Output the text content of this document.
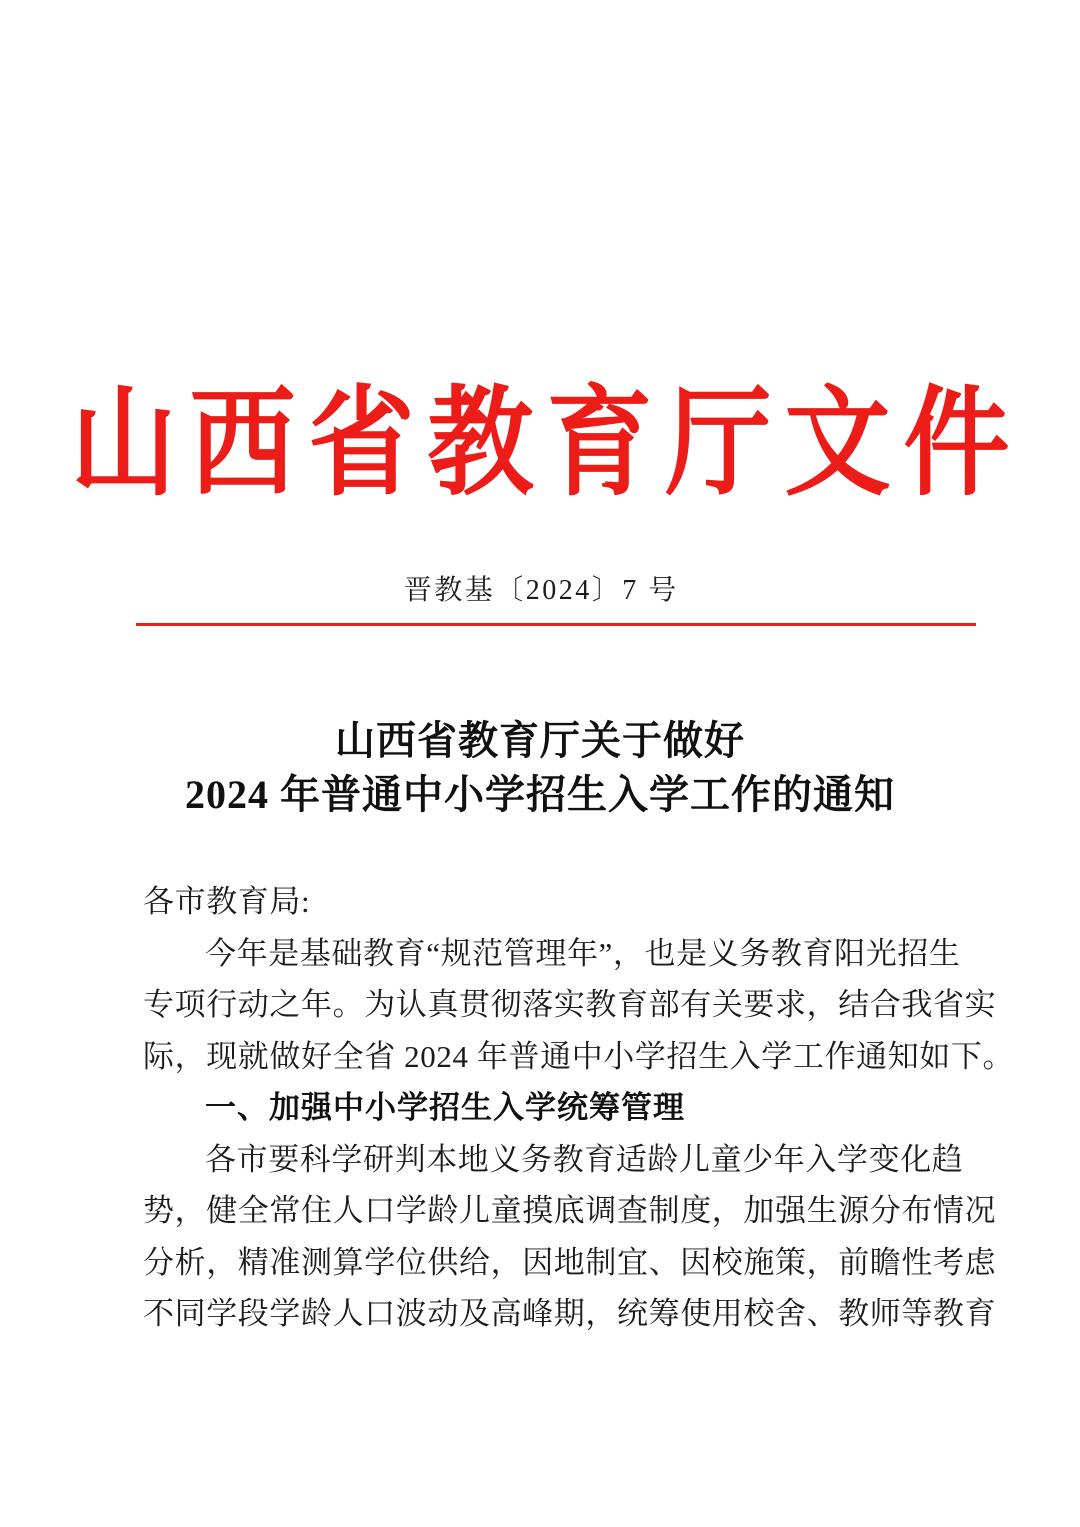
山西省教育厅文件
晋教基〔2024〕7 号
山西省教育厅关于做好
2024 年普通中小学招生入学工作的通知
各市教育局:
今年是基础教育“规范管理年”，也是义务教育阳光招生
专项行动之年。为认真贯彻落实教育部有关要求，结合我省实
际，现就做好全省 2024 年普通中小学招生入学工作通知如下。
一、加强中小学招生入学统筹管理
各市要科学研判本地义务教育适龄儿童少年入学变化趋
势，健全常住人口学龄儿童摸底调查制度，加强生源分布情况
分析，精准测算学位供给，因地制宜、因校施策，前瞻性考虑
不同学段学龄人口波动及高峰期，统筹使用校舍、教师等教育
